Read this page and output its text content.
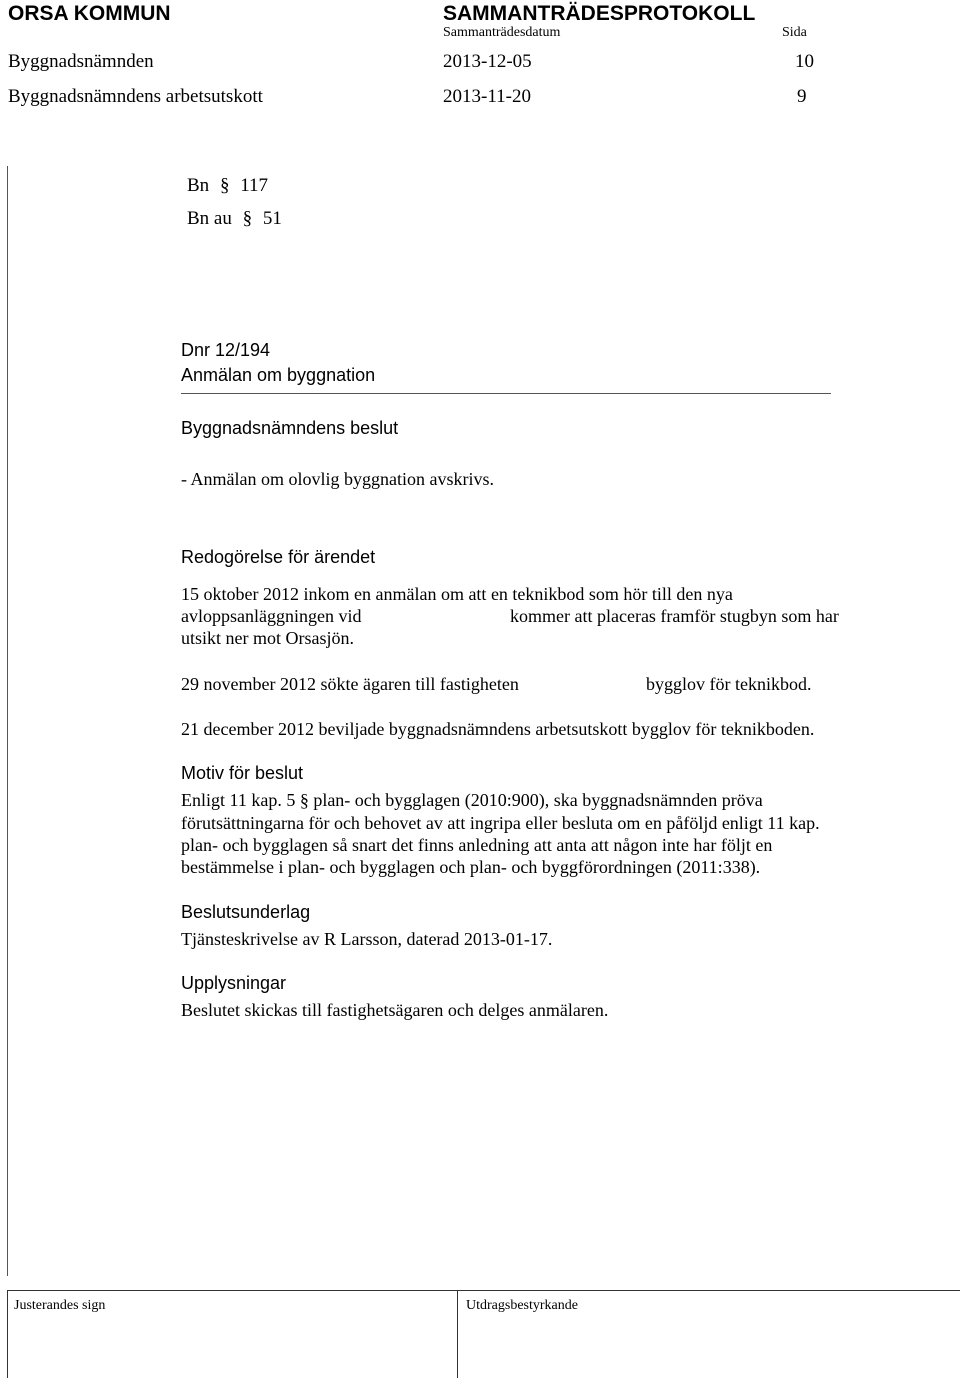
ORSA KOMMUN	SAMMANTRÄDESPROTOKOLL
Sammanträdesdatum	Sida
Byggnadsnämnden	2013-12-05	10
Byggnadsnämndens arbetsutskott	2013-11-20	9
Bn § 117
Bn au § 51
Dnr 12/194
Anmälan om byggnation
Byggnadsnämndens beslut
- Anmälan om olovlig byggnation avskrivs.
Redogörelse för ärendet
15 oktober 2012 inkom en anmälan om att en teknikbod som hör till den nya
avloppsanläggningen vid	kommer att placeras framför stugbyn som har
utsikt ner mot Orsasjön.
29 november 2012 sökte ägaren till fastigheten	bygglov för teknikbod.
21 december 2012 beviljade byggnadsnämndens arbetsutskott bygglov för teknikboden.
Motiv för beslut
Enligt 11 kap. 5 § plan- och bygglagen (2010:900), ska byggnadsnämnden pröva
förutsättningarna för och behovet av att ingripa eller besluta om en påföljd enligt 11 kap.
plan- och bygglagen så snart det finns anledning att anta att någon inte har följt en
bestämmelse i plan- och bygglagen och plan- och byggförordningen (2011:338).
Beslutsunderlag
Tjänsteskrivelse av R Larsson, daterad 2013-01-17.
Upplysningar
Beslutet skickas till fastighetsägaren och delges anmälaren.
Justerandes sign	Utdragsbestyrkande
